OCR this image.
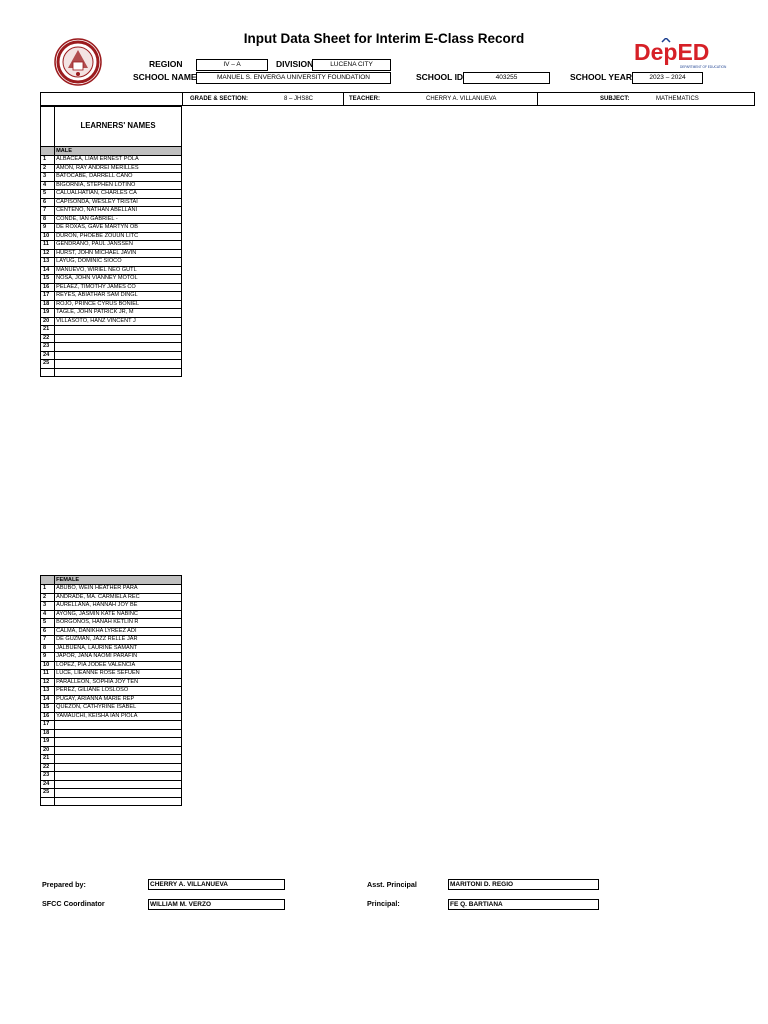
Input Data Sheet for Interim E-Class Record
DepED
DEPARTMENT OF EDUCATION
REGION	IV – A	DIVISION	LUCENA CITY
SCHOOL NAME	MANUEL S. ENVERGA UNIVERSITY FOUNDATION	SCHOOL ID	403255	SCHOOL YEAR	2023 – 2024
GRADE & SECTION:	8 – JHS8C	TEACHER:	CHERRY A. VILLANUEVA	SUBJECT:	MATHEMATICS
LEARNERS' NAMES
	MALE
1	ALBACEA, LIAM ERNEST POLA
2	AMON, RAY ANDREI MERILLES
3	BATOCABE, DARRELL CANO
4	BIGORNIA, STEPHEN LOTINO
5	CALUALHATIAN, CHARLES CA
6	CAPISONDA, WESLEY TRISTAI
7	CENTENO, NATHAN ABELLANI
8	CONDE, IAN GABRIEL -
9	DE ROXAS, GAVE MARTYN OB
10	DURON, PHOEBE ZOUUN LITC
11	GENDRANO, PAUL JANSSEN
12	HURST, JOHN MICHAEL JAVIN
13	LAYUG, DOMINIC SIOCO
14	MANUEVO, WIRIEL NEO GUTL
15	NOSA, JOHN VIANNEY MOTOL
16	PELAEZ, TIMOTHY JAMES CO
17	REYES, ABIATHAR SAM DINGL
18	ROJO, PRINCE CYRUS BONIEL
19	TAGLE, JOHN PATRICK JR, M
20	VILLASOTO, HANZ VINCENT J
21	
22	
23	
24	
25	

	FEMALE
1	ABUBO, WEIN HEATHER PARA
2	ANDRADE, MA. CARMIELA REC
3	AURELLANA, HANNAH JOY BE
4	AYONG, JASMIN KATE NABINC
5	BORGOÑOS, HANAH KETLIN R
6	CALMA, DANIKHA LYREEZ ADI
7	DE GUZMAN, JAZZ RELLE JAR
8	JALBUENA, LAURINE SAMANT
9	JAPOR, JANA NAOMI PARAFIN
10	LOPEZ, PIA JODEE VALENCIA
11	LUCE, LIEANNE ROSE SEFUEN
12	PARALLEON, SOPHIA JOY TEN
13	PEREZ, GILIANE LOSLOSO
14	PUGAY, ARIANNA MARIE REP
15	QUEZON, CATHYRINE ISABEL
16	YAMAUCHI, KEISHA IAN PIOLA
17	
18	
19	
20	
21	
22	
23	
24	
25	

Prepared by:	CHERRY A. VILLANUEVA	Asst. Principal	MARITONI D. REGIO
SFCC Coordinator	WILLIAM M. VERZO	Principal:	FE Q. BARTIANA
